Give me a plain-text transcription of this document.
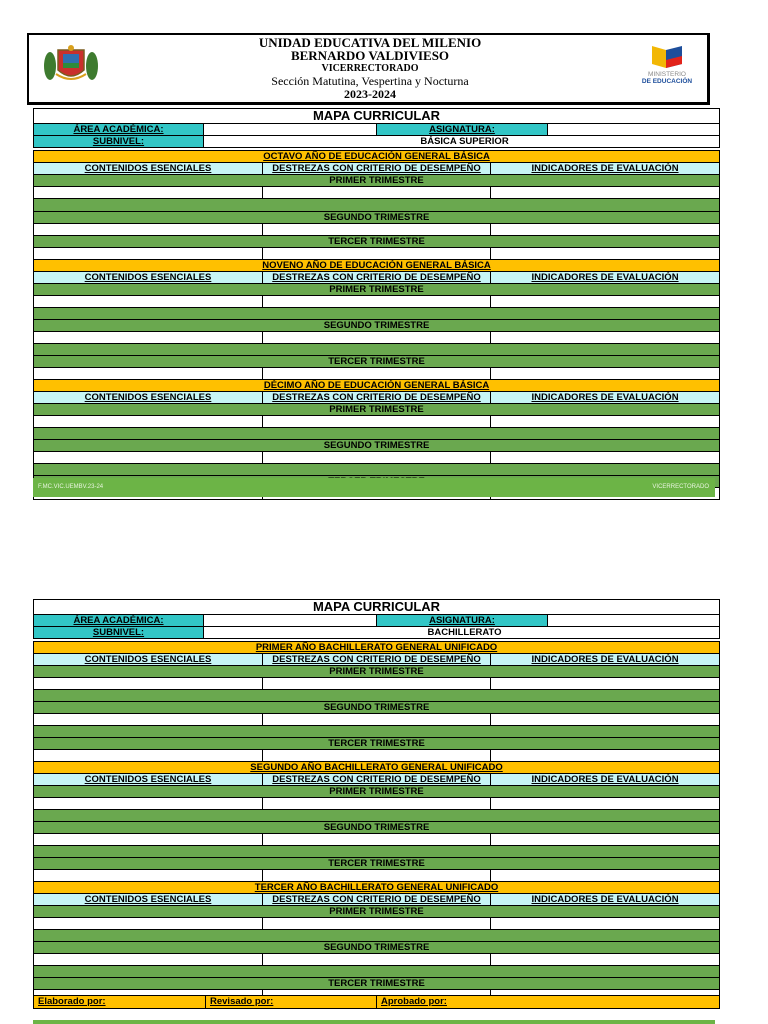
UNIDAD EDUCATIVA DEL MILENIO
BERNARDO VALDIVIESO
VICERRECTORADO
Sección Matutina, Vespertina y Nocturna
2023-2024
MINISTERIO
DE EDUCACIÓN
MAPA CURRICULAR			
ÁREA ACADÉMICA:		ASIGNATURA:	
SUBNIVEL:	BÁSICA SUPERIOR		
OCTAVO AÑO DE EDUCACIÓN GENERAL BÁSICA		
CONTENIDOS ESENCIALES	DESTREZAS CON CRITERIO DE DESEMPEÑO	INDICADORES DE EVALUACIÓN
PRIMER TRIMESTRE		

SEGUNDO TRIMESTRE		

TERCER TRIMESTRE		

NOVENO AÑO DE EDUCACIÓN GENERAL BÁSICA		
CONTENIDOS ESENCIALES	DESTREZAS CON CRITERIO DE DESEMPEÑO	INDICADORES DE EVALUACIÓN
PRIMER TRIMESTRE		

SEGUNDO TRIMESTRE		

TERCER TRIMESTRE		

DÉCIMO AÑO DE EDUCACIÓN GENERAL BÁSICA		
CONTENIDOS ESENCIALES	DESTREZAS CON CRITERIO DE DESEMPEÑO	INDICADORES DE EVALUACIÓN
PRIMER TRIMESTRE		

SEGUNDO TRIMESTRE		

F.MC.VIC.UEMBV.23-24	VICERRECTORADO
MAPA CURRICULAR			
ÁREA ACADÉMICA:		ASIGNATURA:	
SUBNIVEL:	BACHILLERATO		
PRIMER AÑO BACHILLERATO GENERAL UNIFICADO		
CONTENIDOS ESENCIALES	DESTREZAS CON CRITERIO DE DESEMPEÑO	INDICADORES DE EVALUACIÓN
PRIMER TRIMESTRE		

SEGUNDO TRIMESTRE		

TERCER TRIMESTRE		

SEGUNDO AÑO BACHILLERATO GENERAL UNIFICADO		
CONTENIDOS ESENCIALES	DESTREZAS CON CRITERIO DE DESEMPEÑO	INDICADORES DE EVALUACIÓN
PRIMER TRIMESTRE		

SEGUNDO TRIMESTRE		

TERCER TRIMESTRE		

TERCER AÑO BACHILLERATO GENERAL UNIFICADO		
CONTENIDOS ESENCIALES	DESTREZAS CON CRITERIO DE DESEMPEÑO	INDICADORES DE EVALUACIÓN
PRIMER TRIMESTRE		

SEGUNDO TRIMESTRE		

TERCER TRIMESTRE		

Elaborado por:	Revisado por:	Aprobado por:
